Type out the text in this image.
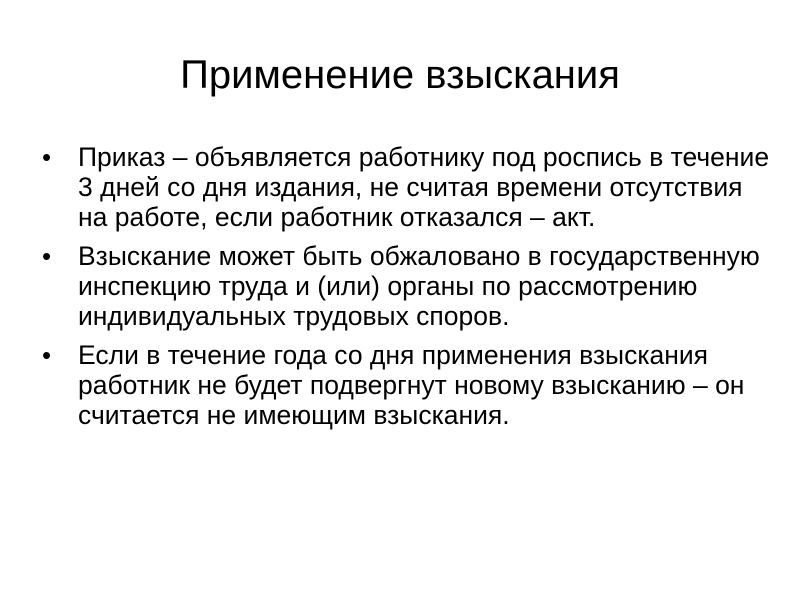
Применение взыскания
•	Приказ – объявляется работнику под роспись в течение 3 дней со дня издания, не считая времени отсутствия на работе, если работник отказался – акт.
•	Взыскание может быть обжаловано в государственную инспекцию труда и (или) органы по рассмотрению индивидуальных трудовых споров.
•	Если в течение года со дня применения взыскания работник не будет подвергнут новому взысканию – он считается не имеющим взыскания.
